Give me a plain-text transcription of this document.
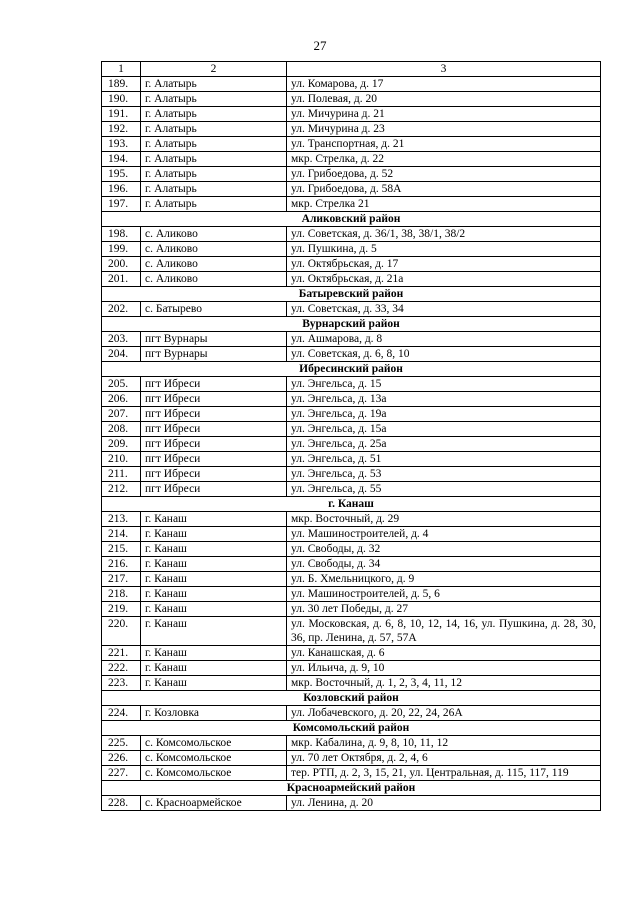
27
1	2	3
189.	г. Алатырь	ул. Комарова, д. 17
190.	г. Алатырь	ул. Полевая, д. 20
191.	г. Алатырь	ул. Мичурина д. 21
192.	г. Алатырь	ул. Мичурина д. 23
193.	г. Алатырь	ул. Транспортная, д. 21
194.	г. Алатырь	мкр. Стрелка, д. 22
195.	г. Алатырь	ул. Грибоедова, д. 52
196.	г. Алатырь	ул. Грибоедова, д. 58А
197.	г. Алатырь	мкр. Стрелка 21
Аликовский район		
198.	с. Аликово	ул. Советская, д. 36/1, 38, 38/1, 38/2
199.	с. Аликово	ул. Пушкина, д. 5
200.	с. Аликово	ул. Октябрьская, д. 17
201.	с. Аликово	ул. Октябрьская, д. 21а
Батыревский район		
202.	с. Батырево	ул. Советская, д. 33, 34
Вурнарский район		
203.	пгт Вурнары	ул. Ашмарова, д. 8
204.	пгт Вурнары	ул. Советская, д. 6, 8, 10
Ибресинский район		
205.	пгт Ибреси	ул. Энгельса, д. 15
206.	пгт Ибреси	ул. Энгельса, д. 13а
207.	пгт Ибреси	ул. Энгельса, д. 19а
208.	пгт Ибреси	ул. Энгельса, д. 15а
209.	пгт Ибреси	ул. Энгельса, д. 25а
210.	пгт Ибреси	ул. Энгельса, д. 51
211.	пгт Ибреси	ул. Энгельса, д. 53
212.	пгт Ибреси	ул. Энгельса, д. 55
г. Канаш		
213.	г. Канаш	мкр. Восточный, д. 29
214.	г. Канаш	ул. Машиностроителей, д. 4
215.	г. Канаш	ул. Свободы, д. 32
216.	г. Канаш	ул. Свободы, д. 34
217.	г. Канаш	ул. Б. Хмельницкого, д. 9
218.	г. Канаш	ул. Машиностроителей, д. 5, 6
219.	г. Канаш	ул. 30 лет Победы, д. 27
220.	г. Канаш	ул. Московская, д. 6, 8, 10, 12, 14, 16, ул. Пушкина, д. 28, 30, 36, пр. Ленина, д. 57, 57А
221.	г. Канаш	ул. Канашская, д. 6
222.	г. Канаш	ул. Ильича, д. 9, 10
223.	г. Канаш	мкр. Восточный, д. 1, 2, 3, 4, 11, 12
Козловский район		
224.	г. Козловка	ул. Лобачевского, д. 20, 22, 24, 26А
Комсомольский район		
225.	с. Комсомольское	мкр. Кабалина, д. 9, 8, 10, 11, 12
226.	с. Комсомольское	ул. 70 лет Октября, д. 2, 4, 6
227.	с. Комсомольское	тер. РТП, д. 2, 3, 15, 21, ул. Центральная, д. 115, 117, 119
Красноармейский район		
228.	с. Красноармейское	ул. Ленина, д. 20
